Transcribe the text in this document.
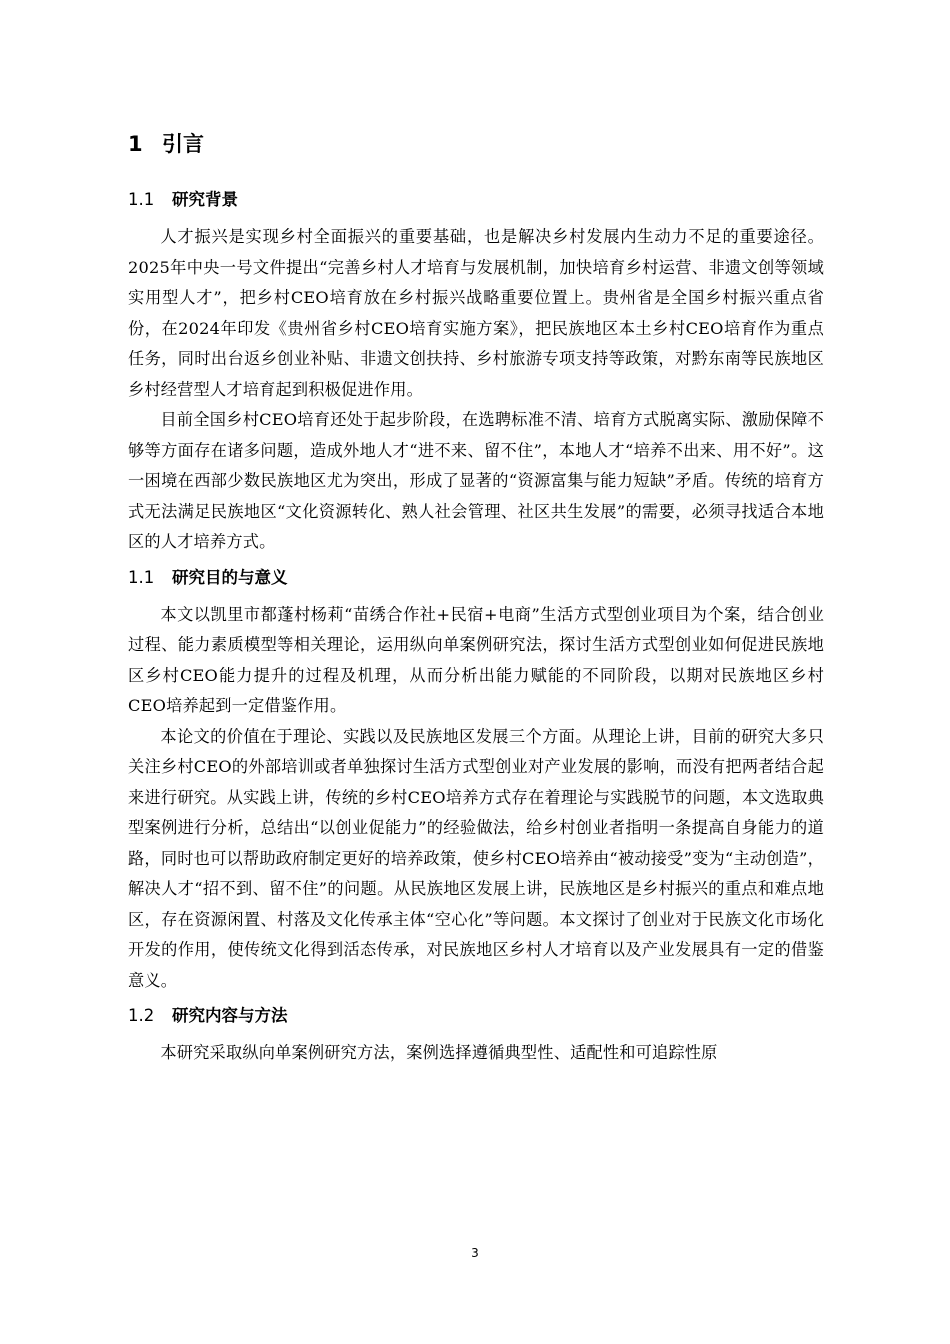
1 引言
1.1 研究背景

人才振兴是实现乡村全面振兴的重要基础，也是解决乡村发展内生动力不足的重要途径。2025年中央一号文件提出“完善乡村人才培育与发展机制，加快培育乡村运营、非遗文创等领域实用型人才”，把乡村CEO培育放在乡村振兴战略重要位置上。贵州省是全国乡村振兴重点省份，在2024年印发《贵州省乡村CEO培育实施方案》，把民族地区本土乡村CEO培育作为重点任务，同时出台返乡创业补贴、非遗文创扶持、乡村旅游专项支持等政策，对黔东南等民族地区乡村经营型人才培育起到积极促进作用。

目前全国乡村CEO培育还处于起步阶段，在选聘标准不清、培育方式脱离实际、激励保障不够等方面存在诸多问题，造成外地人才“进不来、留不住”，本地人才“培养不出来、用不好”。这一困境在西部少数民族地区尤为突出，形成了显著的“资源富集与能力短缺”矛盾。传统的培育方式无法满足民族地区“文化资源转化、熟人社会管理、社区共生发展”的需要，必须寻找适合本地区的人才培养方式。

1.1 研究目的与意义

本文以凯里市都蓬村杨莉“苗绣合作社+民宿+电商”生活方式型创业项目为个案，结合创业过程、能力素质模型等相关理论，运用纵向单案例研究法，探讨生活方式型创业如何促进民族地区乡村CEO能力提升的过程及机理，从而分析出能力赋能的不同阶段，以期对民族地区乡村CEO培养起到一定借鉴作用。

本论文的价值在于理论、实践以及民族地区发展三个方面。从理论上讲，目前的研究大多只关注乡村CEO的外部培训或者单独探讨生活方式型创业对产业发展的影响，而没有把两者结合起来进行研究。从实践上讲，传统的乡村CEO培养方式存在着理论与实践脱节的问题，本文选取典型案例进行分析，总结出“以创业促能力”的经验做法，给乡村创业者指明一条提高自身能力的道路，同时也可以帮助政府制定更好的培养政策，使乡村CEO培养由“被动接受”变为“主动创造”，解决人才“招不到、留不住”的问题。从民族地区发展上讲，民族地区是乡村振兴的重点和难点地区，存在资源闲置、村落及文化传承主体“空心化”等问题。本文探讨了创业对于民族文化市场化开发的作用，使传统文化得到活态传承，对民族地区乡村人才培育以及产业发展具有一定的借鉴意义。

1.2 研究内容与方法

本研究采取纵向单案例研究方法，案例选择遵循典型性、适配性和可追踪性原

3
